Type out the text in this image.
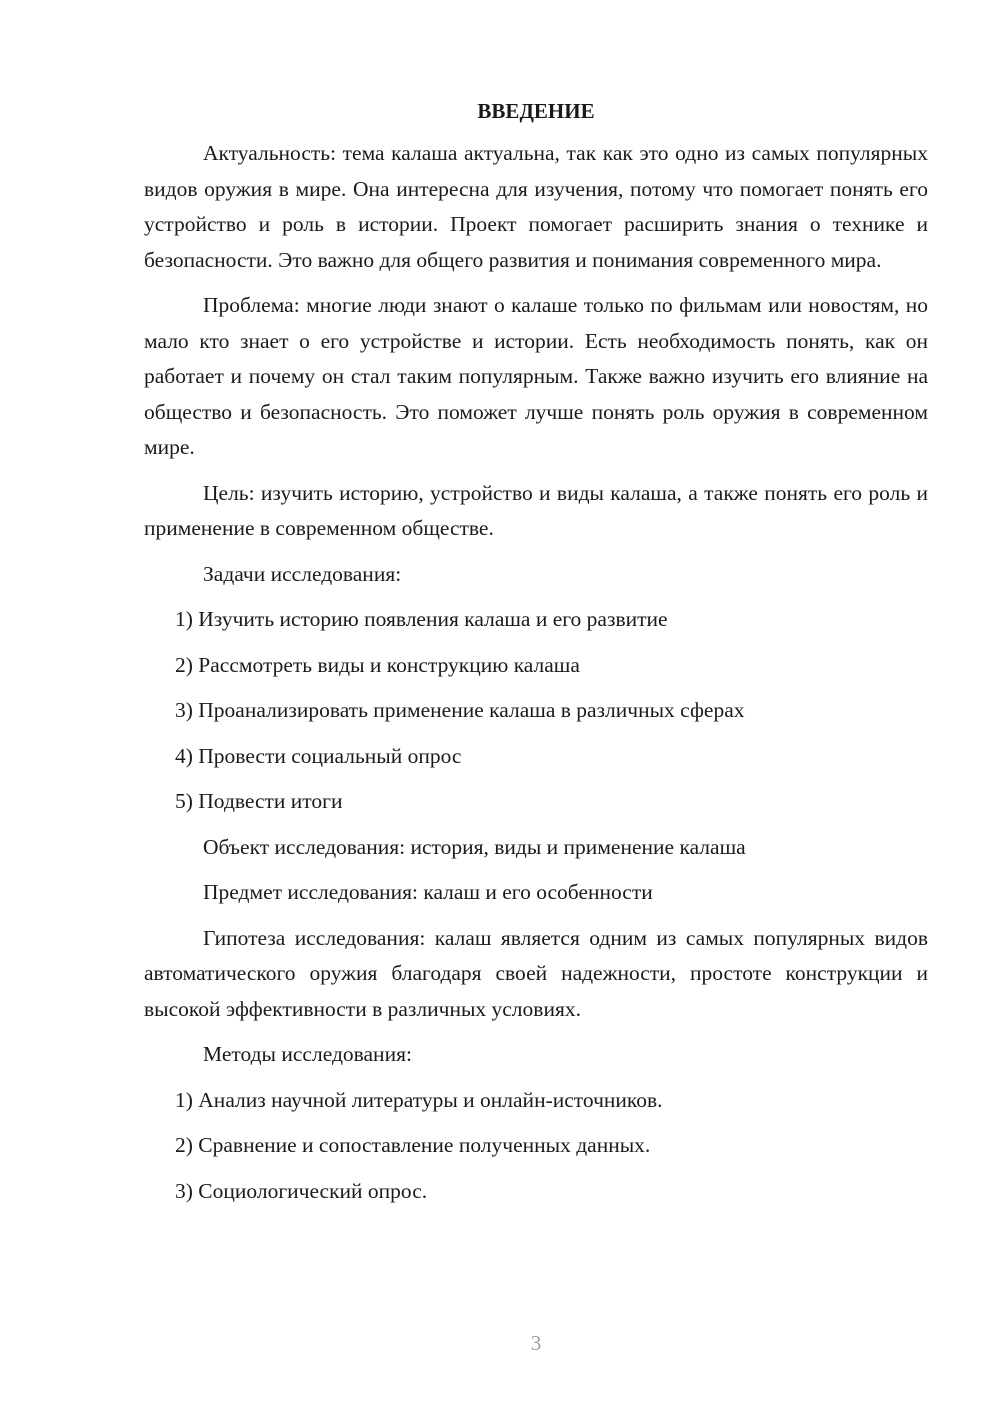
ВВЕДЕНИЕ
Актуальность: тема калаша актуальна, так как это одно из самых популярных видов оружия в мире. Она интересна для изучения, потому что помогает понять его устройство и роль в истории. Проект помогает расширить знания о технике и безопасности. Это важно для общего развития и понимания современного мира.
Проблема: многие люди знают о калаше только по фильмам или новостям, но мало кто знает о его устройстве и истории. Есть необходимость понять, как он работает и почему он стал таким популярным. Также важно изучить его влияние на общество и безопасность. Это поможет лучше понять роль оружия в современном мире.
Цель: изучить историю, устройство и виды калаша, а также понять его роль и применение в современном обществе.
Задачи исследования:
1) Изучить историю появления калаша и его развитие
2) Рассмотреть виды и конструкцию калаша
3) Проанализировать применение калаша в различных сферах
4) Провести социальный опрос
5) Подвести итоги
Объект исследования: история, виды и применение калаша
Предмет исследования: калаш и его особенности
Гипотеза исследования: калаш является одним из самых популярных видов автоматического оружия благодаря своей надежности, простоте конструкции и высокой эффективности в различных условиях.
Методы исследования:
1) Анализ научной литературы и онлайн-источников.
2) Сравнение и сопоставление полученных данных.
3) Социологический опрос.
3
